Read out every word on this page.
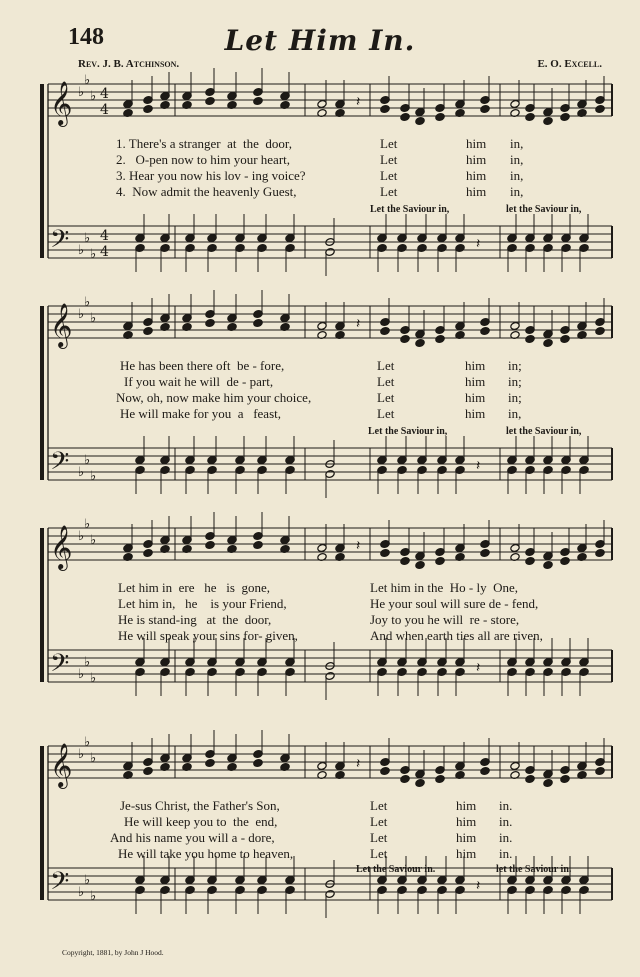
148	Let Him In.
Rev. J. B. Atchinson.	E. O. Excell.
𝄞
𝄢
♭
♭
♭
♭
♭
♭
4
4
4
4
𝄽
𝄽
𝄞
𝄢
♭
♭
♭
♭
♭
♭
𝄽
𝄽
𝄞
𝄢
♭
♭
♭
♭
♭
♭
𝄽
𝄽
𝄞
𝄢
♭
♭
♭
♭
♭
♭
𝄽
𝄽
1. There's a stranger  at  the  door,	Let	him in,
2.   O-pen now to him your heart,	Let	him in,
3. Hear you now his lov - ing voice?	Let	him in,
4.  Now admit the heavenly Guest,	Let	him in,
Let the Saviour in,	let the Saviour in,
He has been there oft  be - fore,	Let	him in;
If you wait he will  de - part,	Let	him in;
Now, oh, now make him your choice,	Let	him in;
He will make for you  a   feast,	Let	him in,
Let the Saviour in,	let the Saviour in,
Let him in  ere   he   is  gone,	Let him in the  Ho - ly  One,
Let him in,   he    is your Friend,	He your soul will sure de - fend,
He is stand-ing   at  the  door,	Joy to you he will  re - store,
He will speak your sins for- given,	And when earth ties all are riven,
Je-sus Christ, the Father's Son,	Let	him in.
He will keep you to  the  end,	Let	him in.
And his name you will a - dore,	Let	him in.
He will take you home to heaven,	Let	him in.
Let the Saviour in.	let the Saviour in.
Copyright, 1881, by John J Hood.
